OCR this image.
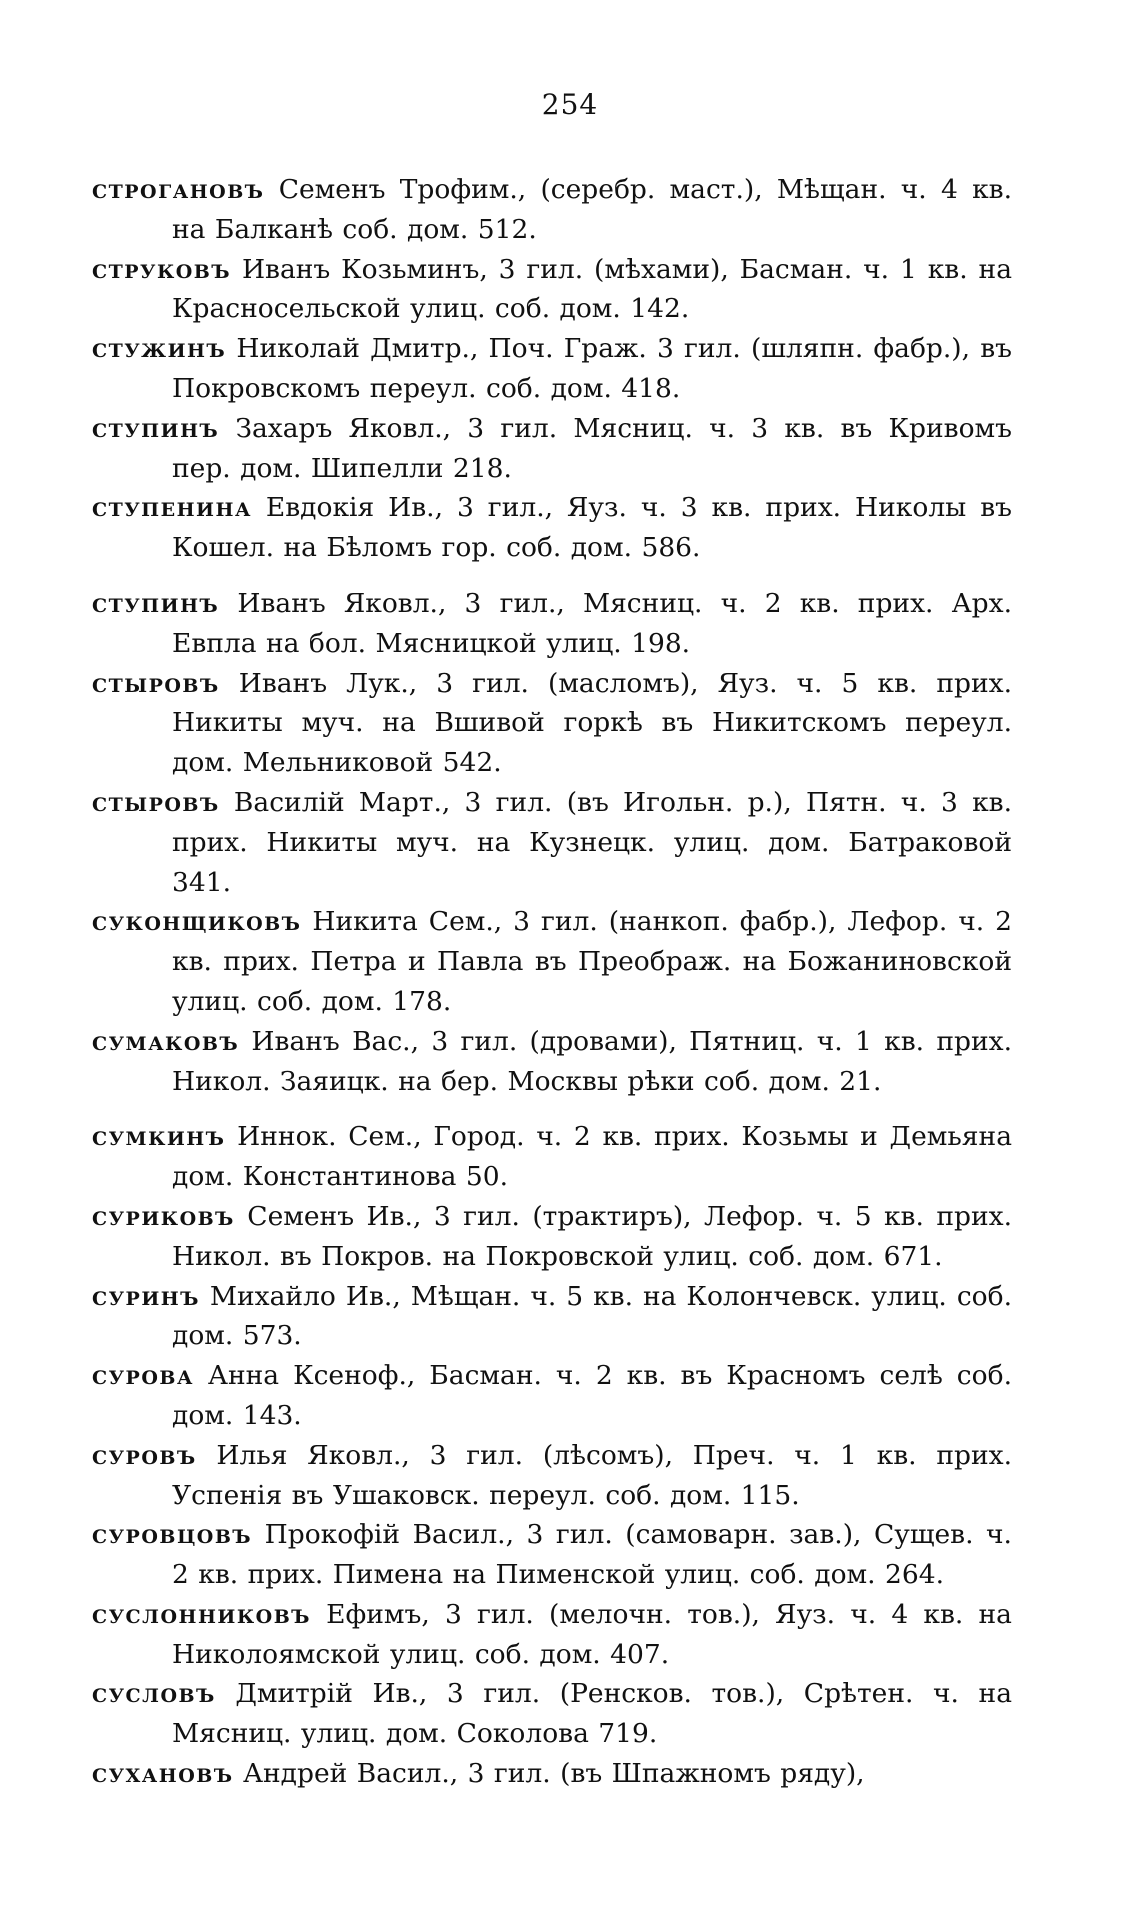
254

строгановъ Семенъ Трофим., (серебр. маст.), Мѣщан. ч. 4 кв. на Балканѣ соб. дом. 512.

струковъ Иванъ Козьминъ, 3 гил. (мѣхами), Басман. ч. 1 кв. на Красносельской улиц. соб. дом. 142.

стужинъ Николай Дмитр., Поч. Граж. 3 гил. (шляпн. фабр.), въ Покровскомъ переул. соб. дом. 418.

ступинъ Захаръ Яковл., 3 гил. Мясниц. ч. 3 кв. въ Кривомъ пер. дом. Шипелли 218.

ступенина Евдокія Ив., 3 гил., Яуз. ч. 3 кв. прих. Николы въ Кошел. на Бѣломъ гор. соб. дом. 586.

ступинъ Иванъ Яковл., 3 гил., Мясниц. ч. 2 кв. прих. Арх. Евпла на бол. Мясницкой улиц. 198.

стыровъ Иванъ Лук., 3 гил. (масломъ), Яуз. ч. 5 кв. прих. Никиты муч. на Вшивой горкѣ въ Никитскомъ переул. дом. Мельниковой 542.

стыровъ Василій Март., 3 гил. (въ Игольн. р.), Пятн. ч. 3 кв. прих. Никиты муч. на Кузнецк. улиц. дом. Батраковой 341.

суконщиковъ Никита Сем., 3 гил. (нанкоп. фабр.), Лефор. ч. 2 кв. прих. Петра и Павла въ Преображ. на Божаниновской улиц. соб. дом. 178.

сумаковъ Иванъ Вас., 3 гил. (дровами), Пятниц. ч. 1 кв. прих. Никол. Заяицк. на бер. Москвы рѣки соб. дом. 21.

сумкинъ Иннок. Сем., Город. ч. 2 кв. прих. Козьмы и Демьяна дом. Константинова 50.

суриковъ Семенъ Ив., 3 гил. (трактиръ), Лефор. ч. 5 кв. прих. Никол. въ Покров. на Покровской улиц. соб. дом. 671.

суринъ Михайло Ив., Мѣщан. ч. 5 кв. на Колончевск. улиц. соб. дом. 573.

сурова Анна Ксеноф., Басман. ч. 2 кв. въ Красномъ селѣ соб. дом. 143.

суровъ Илья Яковл., 3 гил. (лѣсомъ), Преч. ч. 1 кв. прих. Успенія въ Ушаковск. переул. соб. дом. 115.

суровцовъ Прокофій Васил., 3 гил. (самоварн. зав.), Сущев. ч. 2 кв. прих. Пимена на Пименской улиц. соб. дом. 264.

суслонниковъ Ефимъ, 3 гил. (мелочн. тов.), Яуз. ч. 4 кв. на Николоямской улиц. соб. дом. 407.

сусловъ Дмитрій Ив., 3 гил. (Ренсков. тов.), Срѣтен. ч. на Мясниц. улиц. дом. Соколова 719.

сухановъ Андрей Васил., 3 гил. (въ Шпажномъ ряду),
